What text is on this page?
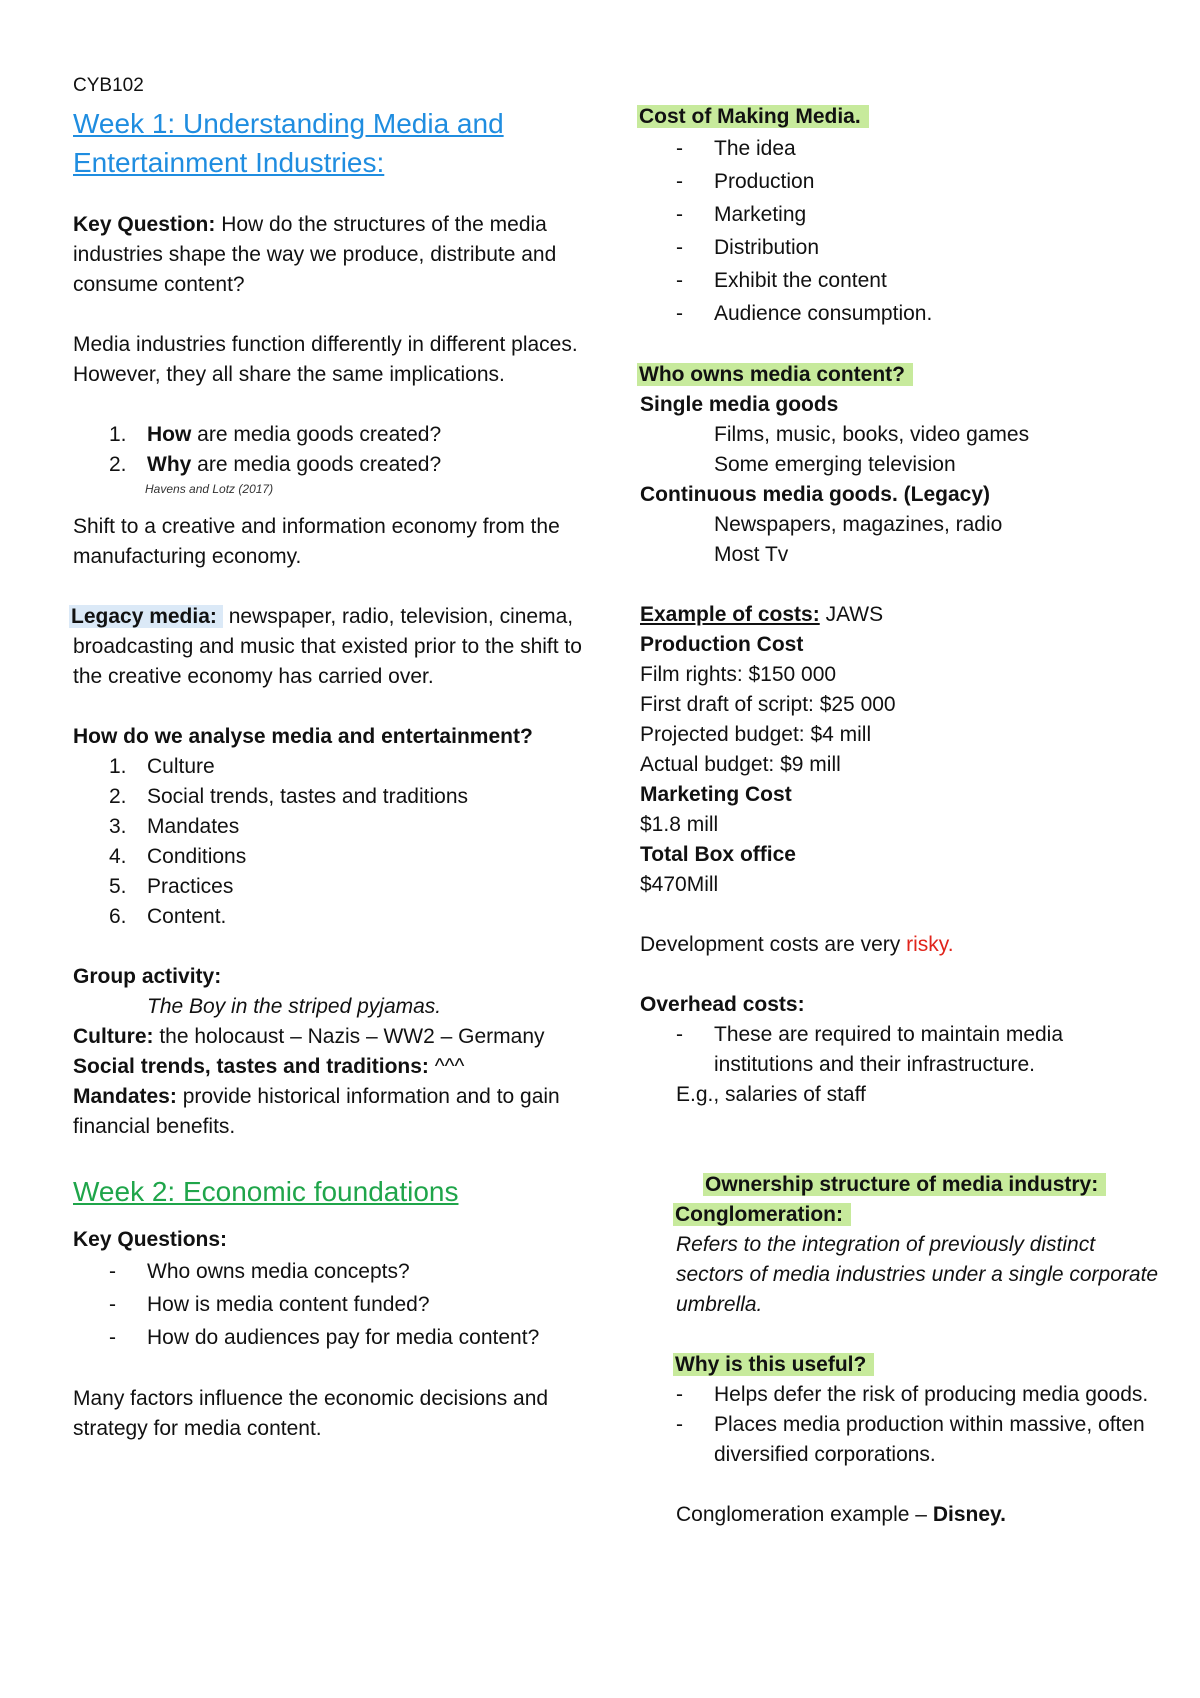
CYB102
Week 1: Understanding Media and Entertainment Industries:

Key Question: How do the structures of the media industries shape the way we produce, distribute and consume content?

Media industries function differently in different places. However, they all share the same implications.

1. How are media goods created?
2. Why are media goods created?
Havens and Lotz (2017)

Shift to a creative and information economy from the manufacturing economy.

Legacy media: newspaper, radio, television, cinema, broadcasting and music that existed prior to the shift to the creative economy has carried over.

How do we analyse media and entertainment?

1. Culture
2. Social trends, tastes and traditions
3. Mandates
4. Conditions
5. Practices
6. Content.

Group activity:

The Boy in the striped pyjamas.

Culture: the holocaust – Nazis – WW2 – Germany

Social trends, tastes and traditions: ^^^

Mandates: provide historical information and to gain financial benefits.

Week 2: Economic foundations

Key Questions:

- Who owns media concepts?
- How is media content funded?
- How do audiences pay for media content?

Many factors influence the economic decisions and strategy for media content.

Cost of Making Media.

- The idea
- Production
- Marketing
- Distribution
- Exhibit the content
- Audience consumption.

Who owns media content?

Single media goods

Films, music, books, video games

Some emerging television

Continuous media goods. (Legacy)

Newspapers, magazines, radio

Most Tv

Example of costs: JAWS

Production Cost

Film rights: $150 000

First draft of script: $25 000

Projected budget: $4 mill

Actual budget: $9 mill

Marketing Cost

$1.8 mill

Total Box office

$470Mill

Development costs are very risky.

Overhead costs:

- These are required to maintain media institutions and their infrastructure.

E.g., salaries of staff

Ownership structure of media industry:

Conglomeration:

Refers to the integration of previously distinct sectors of media industries under a single corporate umbrella.

Why is this useful?

- Helps defer the risk of producing media goods.
- Places media production within massive, often diversified corporations.

Conglomeration example – Disney.
